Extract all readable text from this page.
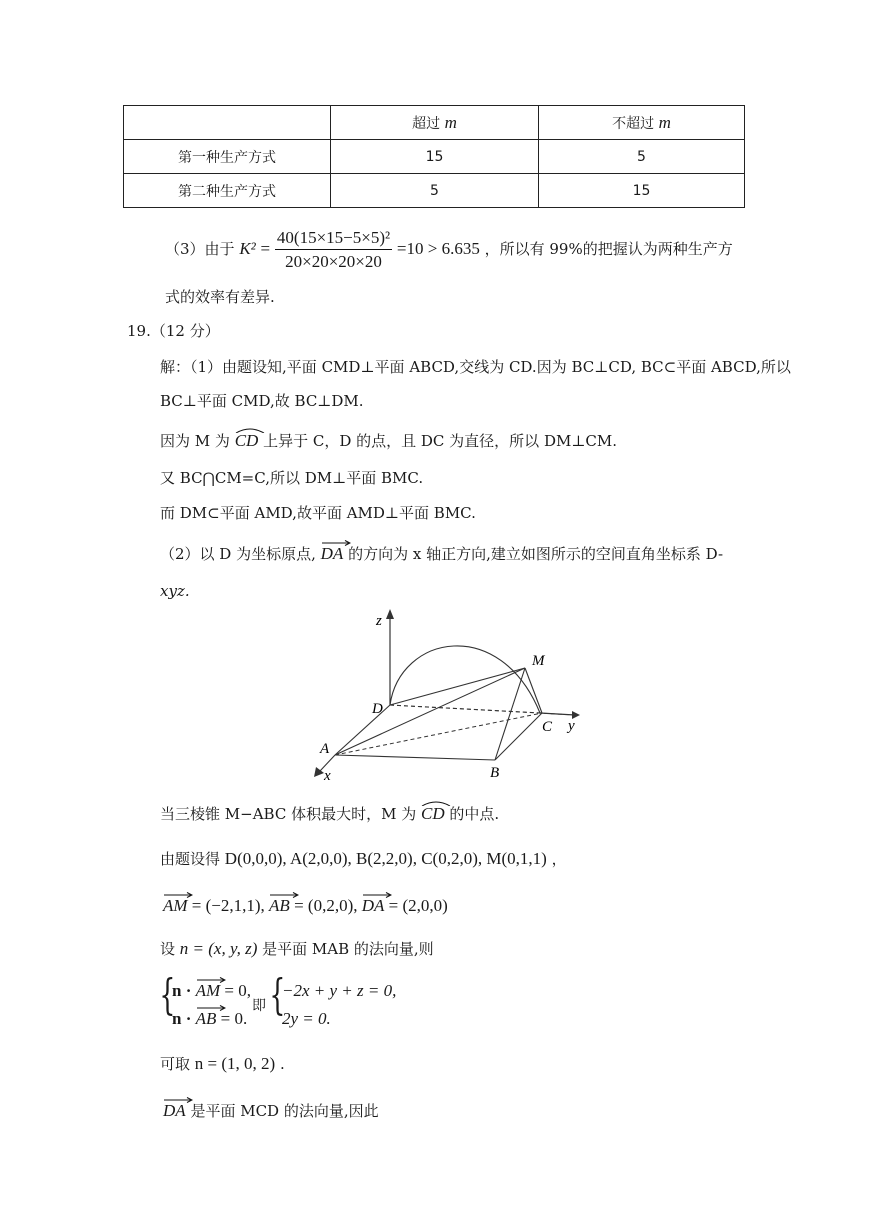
	超过 m	不超过 m
第一种生产方式	15	5
第二种生产方式	5	15
（3）由于 $K^2 = \frac{\text{40(15×15−5×5)²}}{20\times 20\times 20\times 20} =10 > 6.635$ ，所以有 99%的把握认为两种生产方
式的效率有差异.
19.（12 分）
解：（1）由题设知,平面 CMD⊥平面 ABCD,交线为 CD.因为 BC⊥CD, BC⊂平面 ABCD,所以
BC⊥平面 CMD,故 BC⊥DM.
因为 M 为 CD 上异于 C，D 的点，且 DC 为直径，所以 DM⊥CM.
又 BC⋂CM=C,所以 DM⊥平面 BMC.
而 DM⊂平面 AMD,故平面 AMD⊥平面 BMC.
（2）以 D 为坐标原点, DA 的方向为 x 轴正方向,建立如图所示的空间直角坐标系 D-
xyz.
z
M
D
C y
A
x	B
当三棱锥 M−ABC 体积最大时，M 为 CD 的中点.
由题设得 D(0,0,0), A(2,0,0), B(2,2,0), C(0,2,0), M(0,1,1) ，
AM = (−2,1,1), AB = (0,2,0), DA = (2,0,0)
设 n = (x, y, z) 是平面 MAB 的法向量,则
{
n · AM = 0,
n · AB = 0.
即 {
−2x + y + z = 0,
2y = 0.
可取 n = (1, 0, 2) .
DA 是平面 MCD 的法向量,因此
